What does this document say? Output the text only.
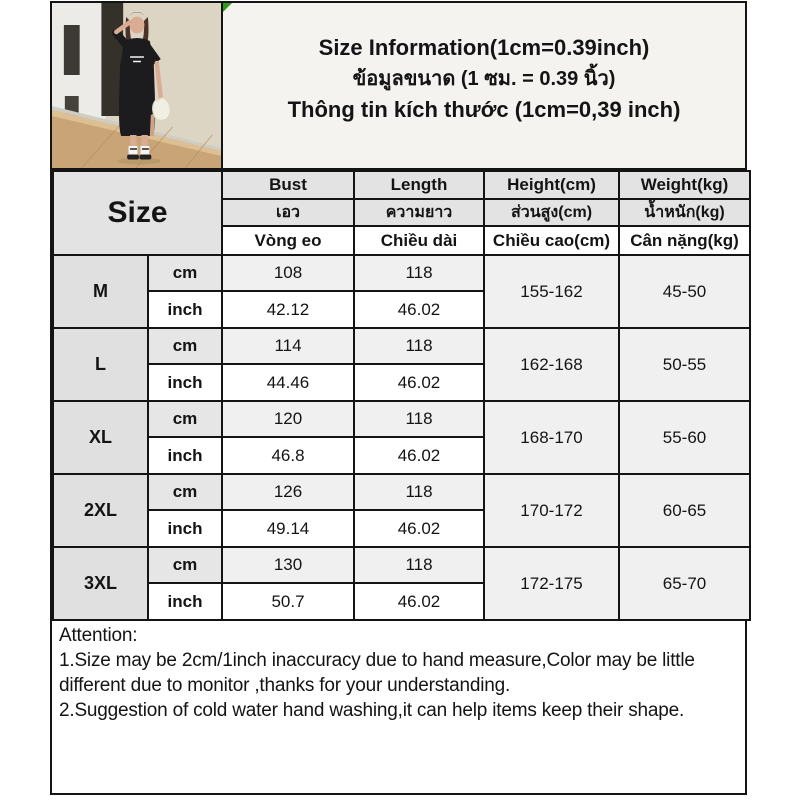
Size Information(1cm=0.39inch)
ข้อมูลขนาด (1 ซม. = 0.39 นิ้ว)
Thông tin kích thước (1cm=0,39 inch)
Size		Bust	Length	Height(cm)	Weight(kg)
		เอว	ความยาว	ส่วนสูง(cm)	น้ำหนัก(kg)
		Vòng eo	Chiều dài	Chiều cao(cm)	Cân nặng(kg)
M	cm	108	118	155-162	45-50
	inch	42.12	46.02		
L	cm	114	118	162-168	50-55
	inch	44.46	46.02		
XL	cm	120	118	168-170	55-60
	inch	46.8	46.02		
2XL	cm	126	118	170-172	60-65
	inch	49.14	46.02		
3XL	cm	130	118	172-175	65-70
	inch	50.7	46.02		
Attention:
1.Size may be 2cm/1inch inaccuracy due to hand measure,Color may be little different due to monitor ,thanks for your understanding.
2.Suggestion of cold water hand washing,it can help items keep their shape.
